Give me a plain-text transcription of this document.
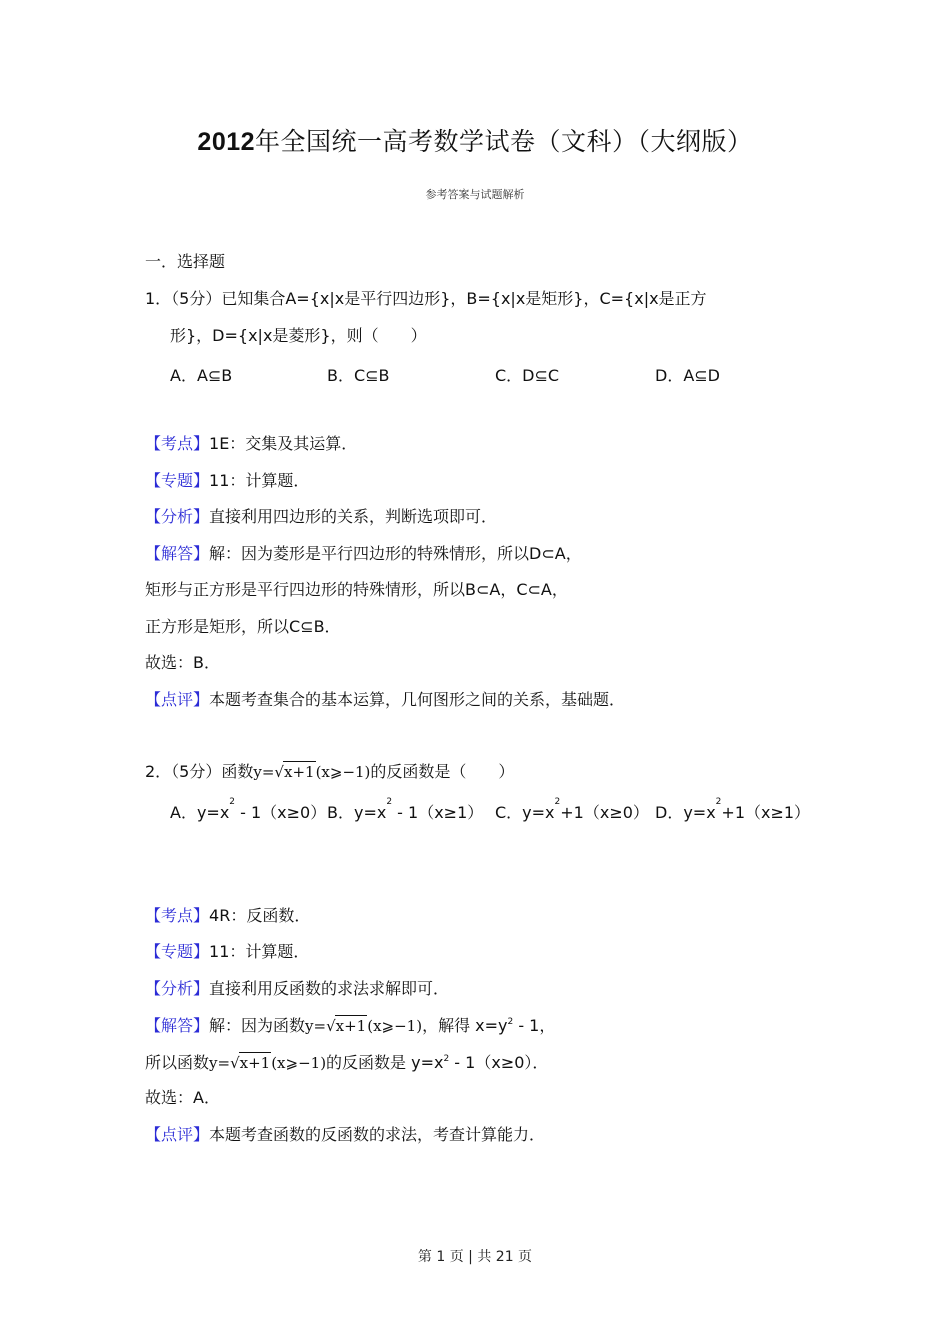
2012年全国统一高考数学试卷（文科）（大纲版）
参考答案与试题解析
一．选择题
1．（5分）已知集合A={x|x是平行四边形}，B={x|x是矩形}，C={x|x是正方
形}，D={x|x是菱形}，则（　　）
A．A⊆B	B．C⊆B	C．D⊆C	D．A⊆D
【考点】1E：交集及其运算．
【专题】11：计算题．
【分析】直接利用四边形的关系，判断选项即可．
【解答】解：因为菱形是平行四边形的特殊情形，所以D⊂A，
矩形与正方形是平行四边形的特殊情形，所以B⊂A，C⊂A，
正方形是矩形，所以C⊆B．
故选：B．
【点评】本题考查集合的基本运算，几何图形之间的关系，基础题．
2．（5分）函数y=√x+1(x⩾−1)的反函数是（　　）
A．$y=x^2 - 1(x\ge 0)$ B．$y=x^2 - 1(x\ge 1)$ C．$y=x^2+1(x\ge 0)$ D．$y=x^2+1(x\ge 1)$
【考点】4R：反函数．
【专题】11：计算题．
【分析】直接利用反函数的求法求解即可．
【解答】解：因为函数y=√x+1(x⩾−1)，解得 $x=y^2 - 1$，
所以函数y=√x+1(x⩾−1)的反函数是 $y=x^2 - 1(x\ge 0)$．
故选：A．
【点评】本题考查函数的反函数的求法，考查计算能力．
第 1 页 | 共 21 页
